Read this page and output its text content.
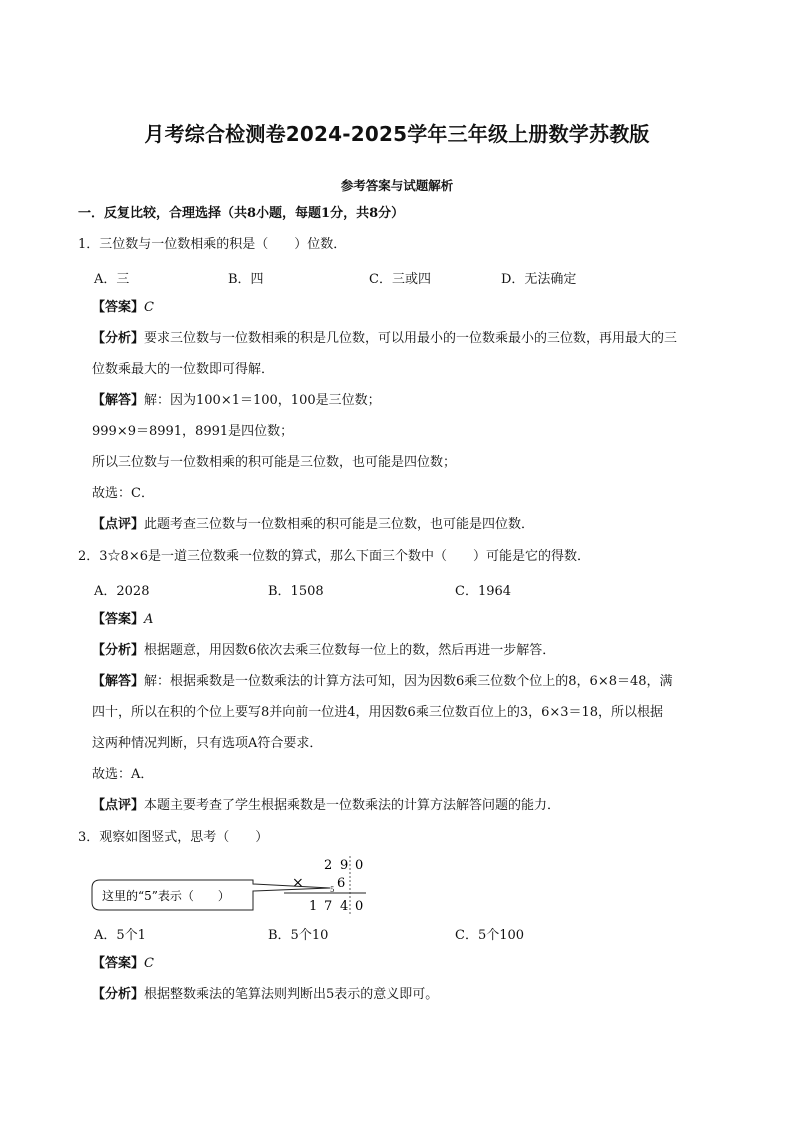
月考综合检测卷2024-2025学年三年级上册数学苏教版
参考答案与试题解析
一．反复比较，合理选择（共8小题，每题1分，共8分）
1．三位数与一位数相乘的积是（　　）位数．
A．三	B．四	C．三或四	D．无法确定
【答案】C
【分析】要求三位数与一位数相乘的积是几位数，可以用最小的一位数乘最小的三位数，再用最大的三
位数乘最大的一位数即可得解．
【解答】解：因为100×1＝100，100是三位数；
999×9＝8991，8991是四位数；
所以三位数与一位数相乘的积可能是三位数，也可能是四位数；
故选：C．
【点评】此题考查三位数与一位数相乘的积可能是三位数，也可能是四位数．
2．3☆8×6是一道三位数乘一位数的算式，那么下面三个数中（　　）可能是它的得数．
A．2028	B．1508	C．1964
【答案】A
【分析】根据题意，用因数6依次去乘三位数每一位上的数，然后再进一步解答．
【解答】解：根据乘数是一位数乘法的计算方法可知，因为因数6乘三位数个位上的8，6×8＝48，满
四十，所以在积的个位上要写8并向前一位进4，用因数6乘三位数百位上的3，6×3＝18，所以根据
这两种情况判断，只有选项A符合要求．
故选：A．
【点评】本题主要考查了学生根据乘数是一位数乘法的计算方法解答问题的能力．
3．观察如图竖式，思考（　　）
这里的“5”表示（　　）
2 9 0
×	6
5
1 7 4 0
A．5个1	B．5个10	C．5个100
【答案】C
【分析】根据整数乘法的笔算法则判断出5表示的意义即可。
